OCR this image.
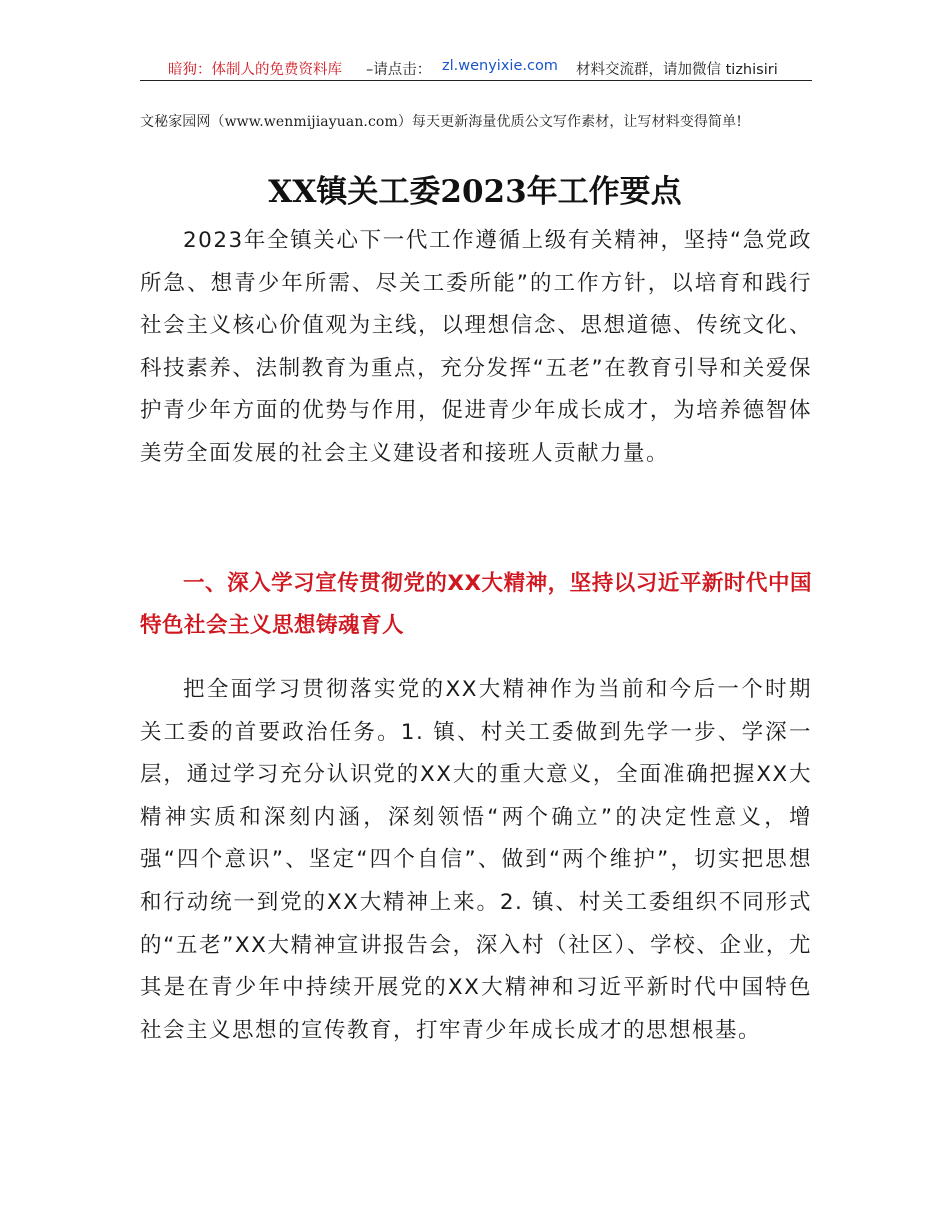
暗狗：体制人的免费资料库 –请点击： zl.wenyixie.com 材料交流群，请加微信 tizhisiri
文秘家园网（www.wenmijiayuan.com）每天更新海量优质公文写作素材，让写材料变得简单!
XX镇关工委2023年工作要点

2023年全镇关心下一代工作遵循上级有关精神，坚持“急党政所急、想青少年所需、尽关工委所能”的工作方针，以培育和践行社会主义核心价值观为主线，以理想信念、思想道德、传统文化、科技素养、法制教育为重点，充分发挥“五老”在教育引导和关爱保护青少年方面的优势与作用，促进青少年成长成才，为培养德智体美劳全面发展的社会主义建设者和接班人贡献力量。

一、深入学习宣传贯彻党的XX大精神，坚持以习近平新时代中国特色社会主义思想铸魂育人

把全面学习贯彻落实党的XX大精神作为当前和今后一个时期关工委的首要政治任务。1. 镇、村关工委做到先学一步、学深一层，通过学习充分认识党的XX大的重大意义，全面准确把握XX大精神实质和深刻内涵，深刻领悟“两个确立”的决定性意义，增强“四个意识”、坚定“四个自信”、做到“两个维护”，切实把思想和行动统一到党的XX大精神上来。2. 镇、村关工委组织不同形式的“五老”XX大精神宣讲报告会，深入村（社区）、学校、企业，尤其是在青少年中持续开展党的XX大精神和习近平新时代中国特色社会主义思想的宣传教育，打牢青少年成长成才的思想根基。
